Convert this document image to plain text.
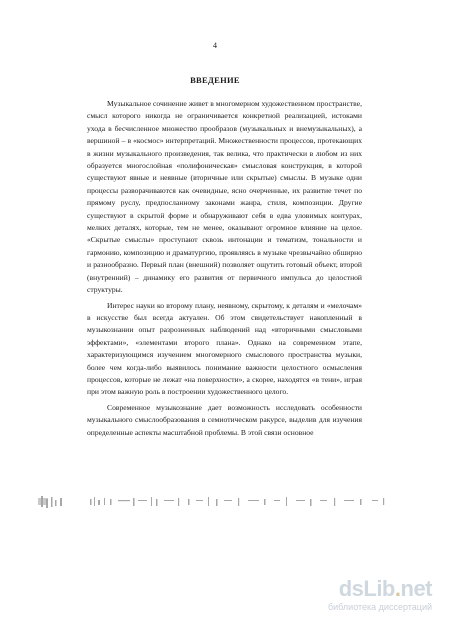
4
ВВЕДЕНИЕ

Музыкальное сочинение живет в многомерном художественном пространстве, смысл которого никогда не ограничивается конкретной реализацией, истоками ухода в бесчисленное множество прообразов (музыкальных и внемузыкальных), а вершиной – в «космос» интерпретаций. Множественности процессов, протекающих в жизни музыкального произведения, так велика, что практически в любом из них образуется многослойная «полифоническая» смысловая конструкция, в которой существуют явные и неявные (вторичные или скрытые) смыслы. В музыке одни процессы разворачиваются как очевидные, ясно очерченные, их развитие течет по прямому руслу, предпосланному законами жанра, стиля, композиции. Другие существуют в скрытой форме и обнаруживают себя в едва уловимых контурах, мелких деталях, которые, тем не менее, оказывают огромное влияние на целое. «Скрытые смыслы» проступают сквозь интонации и тематизм, тональности и гармонию, композицию и драматургию, проявляясь в музыке чрезвычайно обширно и разнообразно. Первый план (внешний) позволяет ощутить готовый объект, второй (внутренний) – динамику его развития от первичного импульса до целостной структуры.

Интерес науки ко второму плану, неявному, скрытому, к деталям и «мелочам» в искусстве был всегда актуален. Об этом свидетельствует накопленный в музыкознании опыт разрозненных наблюдений над «вторичными смысловыми эффектами», «элементами второго плана». Однако на современном этапе, характеризующимся изучением многомерного смыслового пространства музыки, более чем когда-либо выявилось понимание важности целостного осмысления процессов, которые не лежат «на поверхности», а скорее, находятся «в тени», играя при этом важную роль в построении художественного целого.

Современное музыкознание дает возможность исследовать особенности музыкального смыслообразования в семиотическом ракурсе, выделив для изучения определенные аспекты масштабной проблемы. В этой связи основное

dsLib.net
библиотека диссертаций
